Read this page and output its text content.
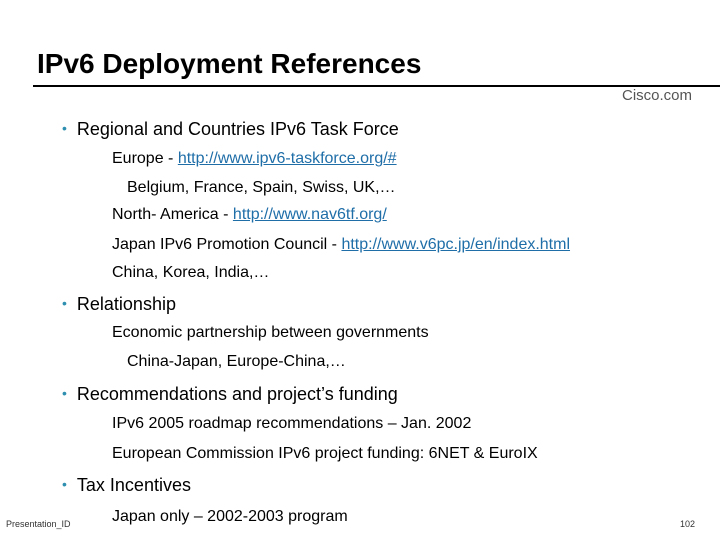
IPv6 Deployment References
Cisco.com
• Regional and Countries IPv6 Task Force
Europe - http://www.ipv6-taskforce.org/#
Belgium, France, Spain, Swiss, UK,…
North- America - http://www.nav6tf.org/
Japan IPv6 Promotion Council - http://www.v6pc.jp/en/index.html
China, Korea, India,…
• Relationship
Economic partnership between governments
China-Japan, Europe-China,…
• Recommendations and project’s funding
IPv6 2005 roadmap recommendations – Jan. 2002
European Commission IPv6 project funding: 6NET & EuroIX
• Tax Incentives
Japan only – 2002-2003 program
Presentation_ID	102
